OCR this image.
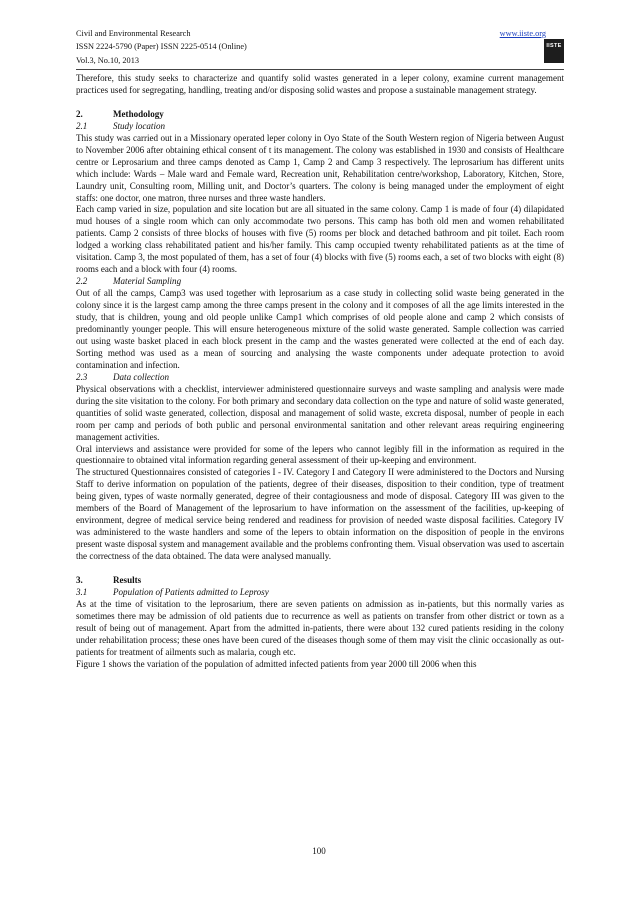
Civil and Environmental Research
ISSN 2224-5790 (Paper) ISSN 2225-0514 (Online)
Vol.3, No.10, 2013
www.iiste.org
IISTE

Therefore, this study seeks to characterize and quantify solid wastes generated in a leper colony, examine current management practices used for segregating, handling, treating and/or disposing solid wastes and propose a sustainable management strategy.

2.	Methodology
2.1	Study location

This study was carried out in a Missionary operated leper colony in Oyo State of the South Western region of Nigeria between August to November 2006 after obtaining ethical consent of t its management. The colony was established in 1930 and consists of Healthcare centre or Leprosarium and three camps denoted as Camp 1, Camp 2 and Camp 3 respectively. The leprosarium has different units which include: Wards – Male ward and Female ward, Recreation unit, Rehabilitation centre/workshop, Laboratory, Kitchen, Store, Laundry unit, Consulting room, Milling unit, and Doctor’s quarters. The colony is being managed under the employment of eight staffs: one doctor, one matron, three nurses and three waste handlers.

Each camp varied in size, population and site location but are all situated in the same colony. Camp 1 is made of four (4) dilapidated mud houses of a single room which can only accommodate two persons. This camp has both old men and women rehabilitated patients. Camp 2 consists of three blocks of houses with five (5) rooms per block and detached bathroom and pit toilet. Each room lodged a working class rehabilitated patient and his/her family. This camp occupied twenty rehabilitated patients as at the time of visitation. Camp 3, the most populated of them, has a set of four (4) blocks with five (5) rooms each, a set of two blocks with eight (8) rooms each and a block with four (4) rooms.

2.2	Material Sampling

Out of all the camps, Camp3 was used together with leprosarium as a case study in collecting solid waste being generated in the colony since it is the largest camp among the three camps present in the colony and it composes of all the age limits interested in the study, that is children, young and old people unlike Camp1 which comprises of old people alone and camp 2 which consists of predominantly younger people. This will ensure heterogeneous mixture of the solid waste generated. Sample collection was carried out using waste basket placed in each block present in the camp and the wastes generated were collected at the end of each day. Sorting method was used as a mean of sourcing and analysing the waste components under adequate protection to avoid contamination and infection.

2.3	Data collection

Physical observations with a checklist, interviewer administered questionnaire surveys and waste sampling and analysis were made during the site visitation to the colony. For both primary and secondary data collection on the type and nature of solid waste generated, quantities of solid waste generated, collection, disposal and management of solid waste, excreta disposal, number of people in each room per camp and periods of both public and personal environmental sanitation and other relevant areas requiring engineering management activities.

Oral interviews and assistance were provided for some of the lepers who cannot legibly fill in the information as required in the questionnaire to obtained vital information regarding general assessment of their up-keeping and environment.

The structured Questionnaires consisted of categories I - IV. Category I and Category II were administered to the Doctors and Nursing Staff to derive information on population of the patients, degree of their diseases, disposition to their condition, type of treatment being given, types of waste normally generated, degree of their contagiousness and mode of disposal. Category III was given to the members of the Board of Management of the leprosarium to have information on the assessment of the facilities, up-keeping of environment, degree of medical service being rendered and readiness for provision of needed waste disposal facilities. Category IV was administered to the waste handlers and some of the lepers to obtain information on the disposition of people in the environs present waste disposal system and management available and the problems confronting them. Visual observation was used to ascertain the correctness of the data obtained. The data were analysed manually.

3.	Results
3.1	Population of Patients admitted to Leprosy

As at the time of visitation to the leprosarium, there are seven patients on admission as in-patients, but this normally varies as sometimes there may be admission of old patients due to recurrence as well as patients on transfer from other district or town as a result of being out of management. Apart from the admitted in-patients, there were about 132 cured patients residing in the colony under rehabilitation process; these ones have been cured of the diseases though some of them may visit the clinic occasionally as out-patients for treatment of ailments such as malaria, cough etc.

Figure 1 shows the variation of the population of admitted infected patients from year 2000 till 2006 when this

100
